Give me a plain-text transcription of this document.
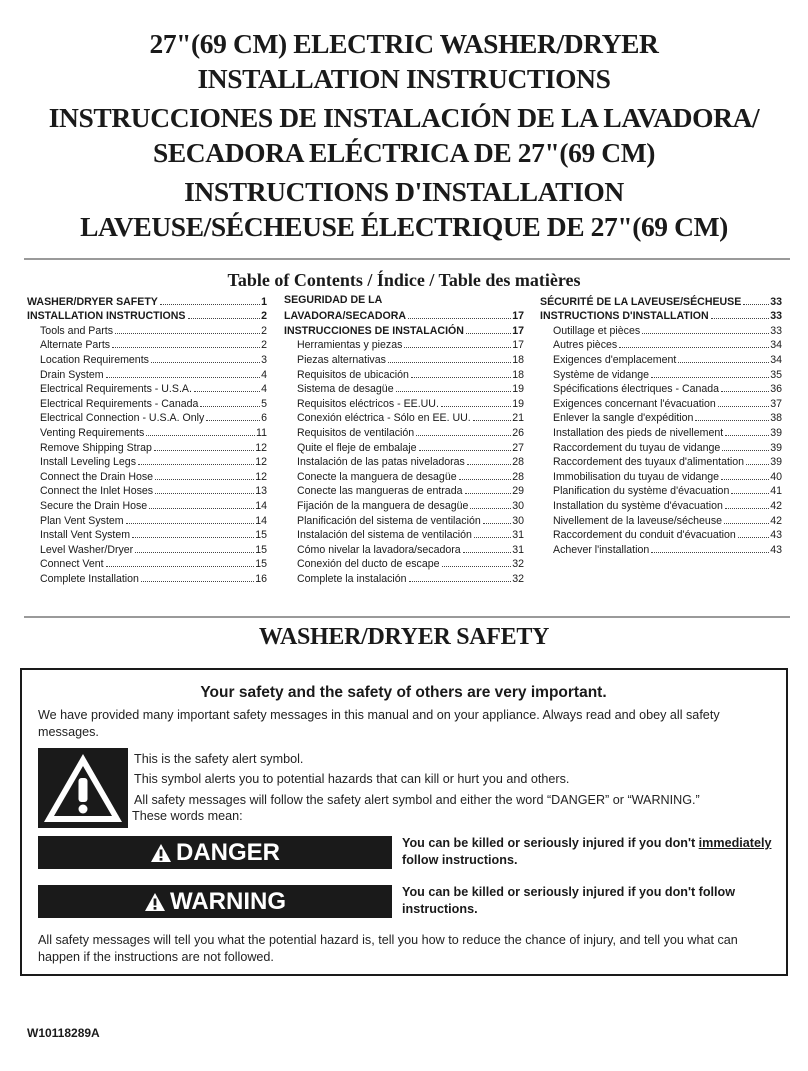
27"(69 CM) ELECTRIC WASHER/DRYER
INSTALLATION INSTRUCTIONS
INSTRUCCIONES DE INSTALACIÓN DE LA LAVADORA/
SECADORA ELÉCTRICA DE 27"(69 CM)
INSTRUCTIONS D'INSTALLATION
LAVEUSE/SÉCHEUSE ÉLECTRIQUE DE 27"(69 CM)
Table of Contents / Índice / Table des matières
WASHER/DRYER SAFETY	1
INSTALLATION INSTRUCTIONS	2
Tools and Parts	2
Alternate Parts	2
Location Requirements	3
Drain System	4
Electrical Requirements - U.S.A.	4
Electrical Requirements - Canada	5
Electrical Connection - U.S.A. Only	6
Venting Requirements	11
Remove Shipping Strap	12
Install Leveling Legs	12
Connect the Drain Hose	12
Connect the Inlet Hoses	13
Secure the Drain Hose	14
Plan Vent System	14
Install Vent System	15
Level Washer/Dryer	15
Connect Vent	15
Complete Installation	16
SEGURIDAD DE LA
LAVADORA/SECADORA	17
INSTRUCCIONES DE INSTALACIÓN	17
Herramientas y piezas	17
Piezas alternativas	18
Requisitos de ubicación	18
Sistema de desagüe	19
Requisitos eléctricos - EE.UU.	19
Conexión eléctrica - Sólo en EE. UU.	21
Requisitos de ventilación	26
Quite el fleje de embalaje	27
Instalación de las patas niveladoras	28
Conecte la manguera de desagüe	28
Conecte las mangueras de entrada	29
Fijación de la manguera de desagüe	30
Planificación del sistema de ventilación	30
Instalación del sistema de ventilación	31
Cómo nivelar la lavadora/secadora	31
Conexión del ducto de escape	32
Complete la instalación	32
SÉCURITÉ DE LA LAVEUSE/SÉCHEUSE	33
INSTRUCTIONS D'INSTALLATION	33
Outillage et pièces	33
Autres pièces	34
Exigences d'emplacement	34
Système de vidange	35
Spécifications électriques - Canada	36
Exigences concernant l'évacuation	37
Enlever la sangle d'expédition	38
Installation des pieds de nivellement	39
Raccordement du tuyau de vidange	39
Raccordement des tuyaux d'alimentation 39
Immobilisation du tuyau de vidange	40
Planification du système d'évacuation	41
Installation du système d'évacuation	42
Nivellement de la laveuse/sécheuse	42
Raccordement du conduit d'évacuation	43
Achever l'installation	43
WASHER/DRYER SAFETY
Your safety and the safety of others are very important.
We have provided many important safety messages in this manual and on your appliance. Always read and obey all safety messages.
This is the safety alert symbol.
This symbol alerts you to potential hazards that can kill or hurt you and others.
All safety messages will follow the safety alert symbol and either the word “DANGER” or “WARNING.”
These words mean:
DANGER	You can be killed or seriously injured if you don't immediately follow instructions.
WARNING	You can be killed or seriously injured if you don't follow instructions.
All safety messages will tell you what the potential hazard is, tell you how to reduce the chance of injury, and tell you what can happen if the instructions are not followed.
W10118289A
